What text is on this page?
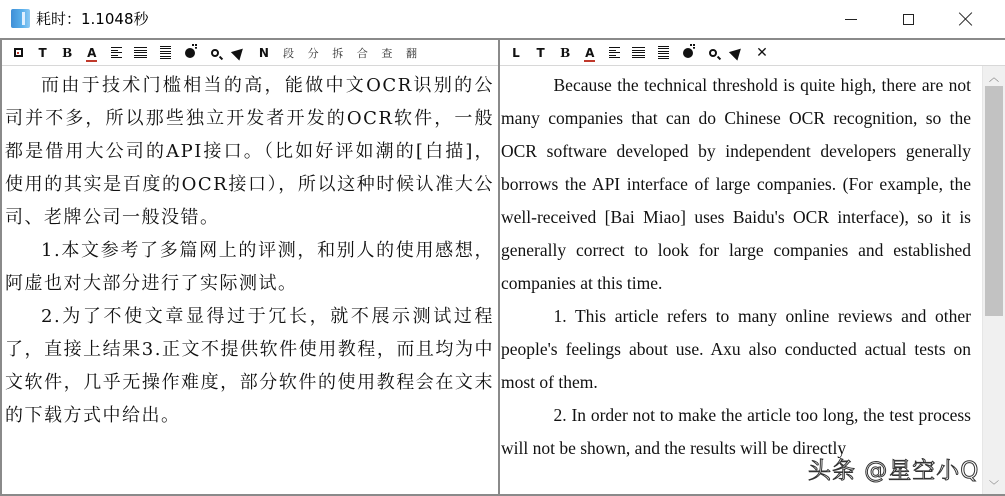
耗时：1.1048秒
T B A	N	段	分	拆	合	查	翻

而由于技术门槛相当的高，能做中文OCR识别的公司并不多，所以那些独立开发者开发的OCR软件，一般都是借用大公司的API接口。（比如好评如潮的[白描]，使用的其实是百度的OCR接口），所以这种时候认准大公司、老牌公司一般没错。

1.本文参考了多篇网上的评测，和别人的使用感想，阿虚也对大部分进行了实际测试。

2.为了不使文章显得过于冗长，就不展示测试过程了，直接上结果3.正文不提供软件使用教程，而且均为中文软件，几乎无操作难度，部分软件的使用教程会在文末的下载方式中给出。

L T B A	✕

Because the technical threshold is quite high, there are not many companies that can do Chinese OCR recognition, so the OCR software developed by independent developers generally borrows the API interface of large companies. (For example, the well-received [Bai Miao] uses Baidu's OCR interface), so it is generally correct to look for large companies and established companies at this time.

1. This article refers to many online reviews and other people's feelings about use. Axu also conducted actual tests on most of them.

2. In order not to make the article too long, the test process will not be shown, and the results will be directly

︿
﹀
头条 @星空小Q
